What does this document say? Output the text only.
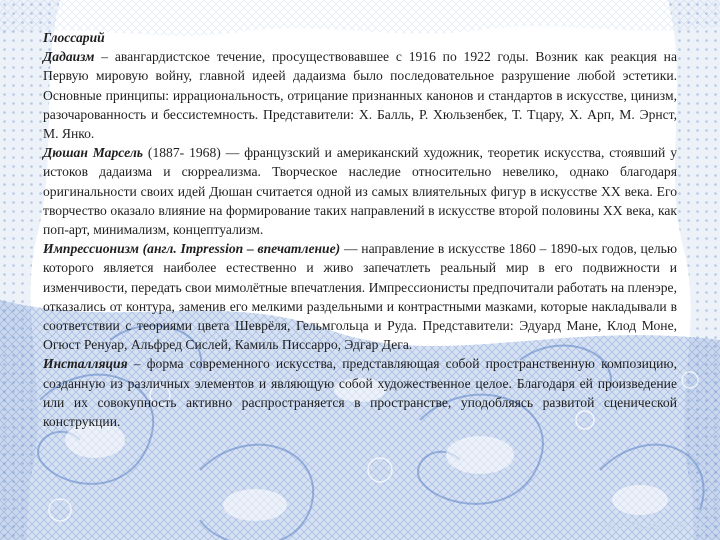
Глоссарий

Дадаизм – авангардистское течение, просуществовавшее с 1916 по 1922 годы. Возник как реакция на Первую мировую войну, главной идеей дадаизма было последовательное разрушение любой эстетики. Основные принципы: иррациональность, отрицание признанных канонов и стандартов в искусстве, цинизм, разочарованность и бессистемность. Представители: Х. Балль, Р. Хюльзенбек, Т. Тцару, Х. Арп, М. Эрнст, М. Янко.

Дюшан Марсель (1887- 1968) — французский и американский художник, теоретик искусства, стоявший у истоков дадаизма и сюрреализма. Творческое наследие относительно невелико, однако благодаря оригинальности своих идей Дюшан считается одной из самых влиятельных фигур в искусстве XX века. Его творчество оказало влияние на формирование таких направлений в искусстве второй половины XX века, как поп-арт, минимализм, концептуализм.

Импрессионизм (англ. Impression – впечатление) — направление в искусстве 1860 – 1890-ых годов, целью которого является наиболее естественно и живо запечатлеть реальный мир в его подвижности и изменчивости, передать свои мимолётные впечатления. Импрессионисты предпочитали работать на пленэре, отказались от контура, заменив его мелкими раздельными и контрастными мазками, которые накладывали в соответствии с теориями цвета Шеврёля, Гельмгольца и Руда. Представители: Эдуард Мане, Клод Моне, Огюст Ренуар, Альфред Сислей, Камиль Писсарро, Эдгар Дега.

Инсталляция – форма современного искусства, представляющая собой пространственную композицию, созданную из различных элементов и являющую собой художественное целое. Благодаря ей произведение или их совокупность активно распространяется в пространстве, уподобляясь развитой сценической конструкции.

http://fs.docslide.ru
